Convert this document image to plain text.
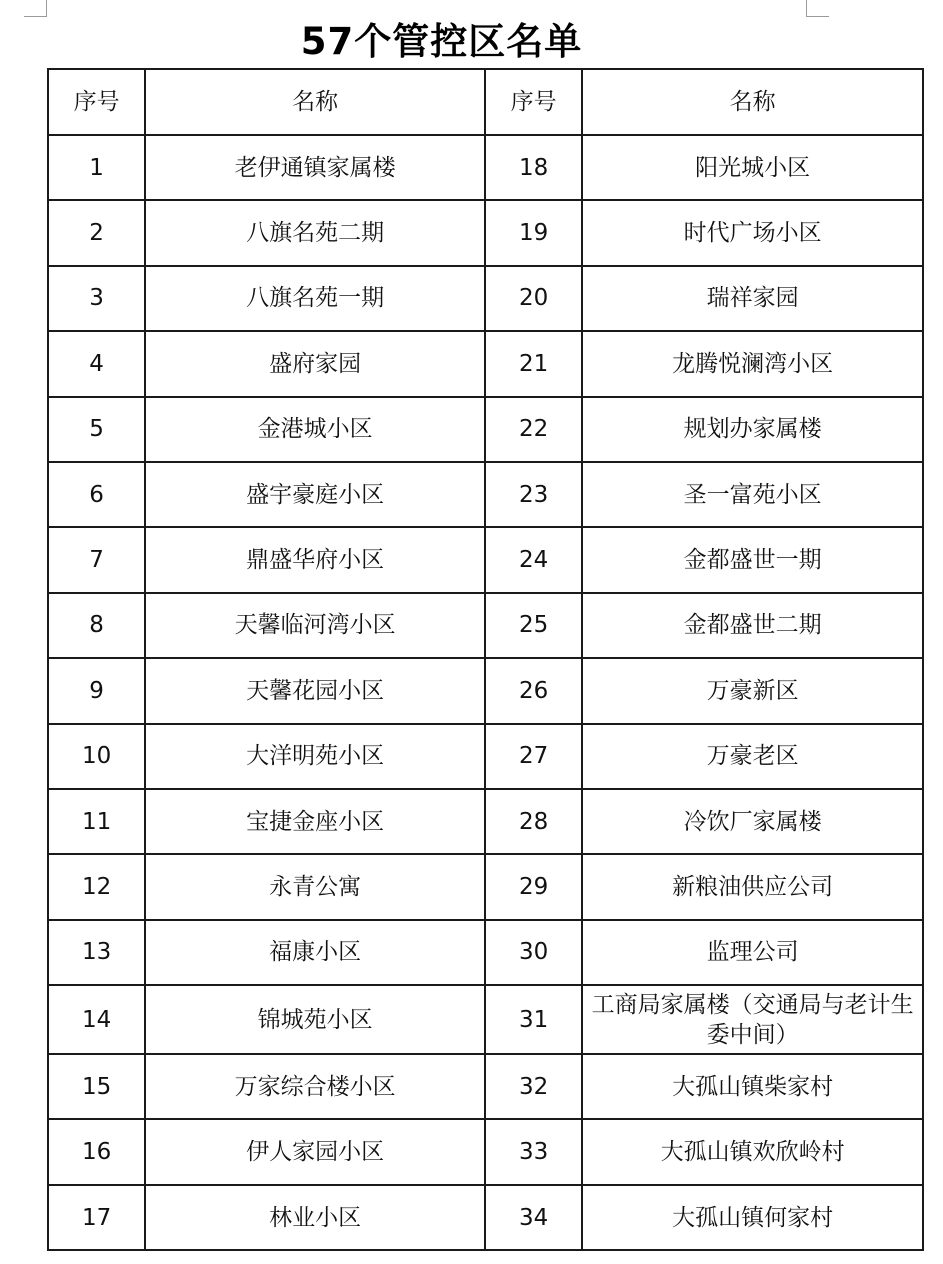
57个管控区名单
序号	名称	序号	名称
1	老伊通镇家属楼	18	阳光城小区
2	八旗名苑二期	19	时代广场小区
3	八旗名苑一期	20	瑞祥家园
4	盛府家园	21	龙腾悦澜湾小区
5	金港城小区	22	规划办家属楼
6	盛宇豪庭小区	23	圣一富苑小区
7	鼎盛华府小区	24	金都盛世一期
8	天馨临河湾小区	25	金都盛世二期
9	天馨花园小区	26	万豪新区
10	大洋明苑小区	27	万豪老区
11	宝捷金座小区	28	冷饮厂家属楼
12	永青公寓	29	新粮油供应公司
13	福康小区	30	监理公司
14	锦城苑小区	31	工商局家属楼（交通局与老计生委中间）
15	万家综合楼小区	32	大孤山镇柴家村
16	伊人家园小区	33	大孤山镇欢欣岭村
17	林业小区	34	大孤山镇何家村
